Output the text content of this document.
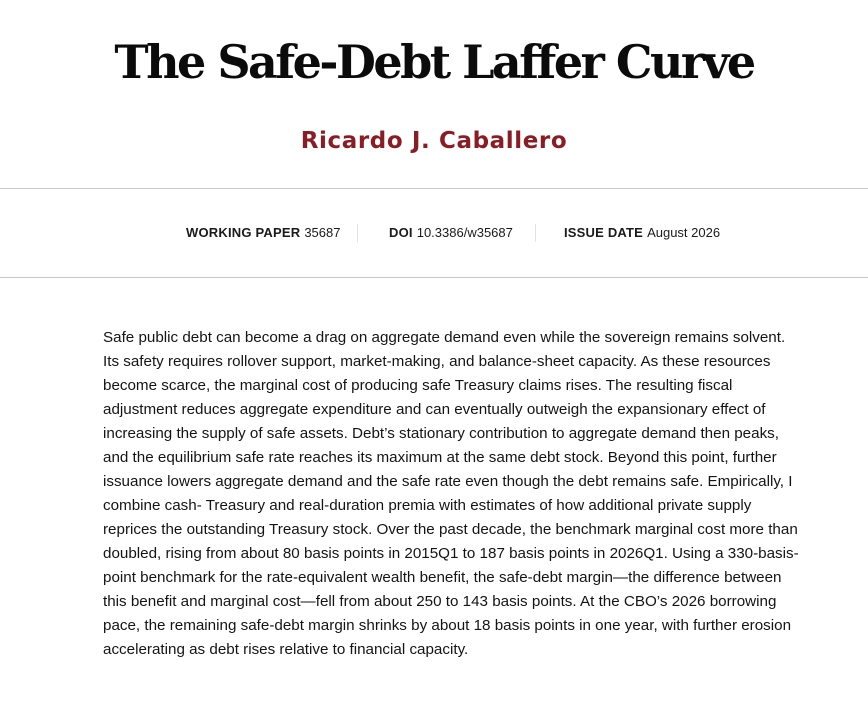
The Safe-Debt Laffer Curve
Ricardo J. Caballero
WORKING PAPER 35687	DOI 10.3386/w35687	ISSUE DATE August 2026

Safe public debt can become a drag on aggregate demand even while the sovereign remains solvent. Its safety requires rollover support, market-making, and balance-sheet capacity. As these resources become scarce, the marginal cost of producing safe Treasury claims rises. The resulting fiscal adjustment reduces aggregate expenditure and can eventually outweigh the expansionary effect of increasing the supply of safe assets. Debt’s stationary contribution to aggregate demand then peaks, and the equilibrium safe rate reaches its maximum at the same debt stock. Beyond this point, further issuance lowers aggregate demand and the safe rate even though the debt remains safe. Empirically, I combine cash- Treasury and real-duration premia with estimates of how additional private supply reprices the outstanding Treasury stock. Over the past decade, the benchmark marginal cost more than doubled, rising from about 80 basis points in 2015Q1 to 187 basis points in 2026Q1. Using a 330-basis-point benchmark for the rate-equivalent wealth benefit, the safe-debt margin—the difference between this benefit and marginal cost—fell from about 250 to 143 basis points. At the CBO’s 2026 borrowing pace, the remaining safe-debt margin shrinks by about 18 basis points in one year, with further erosion accelerating as debt rises relative to financial capacity.
